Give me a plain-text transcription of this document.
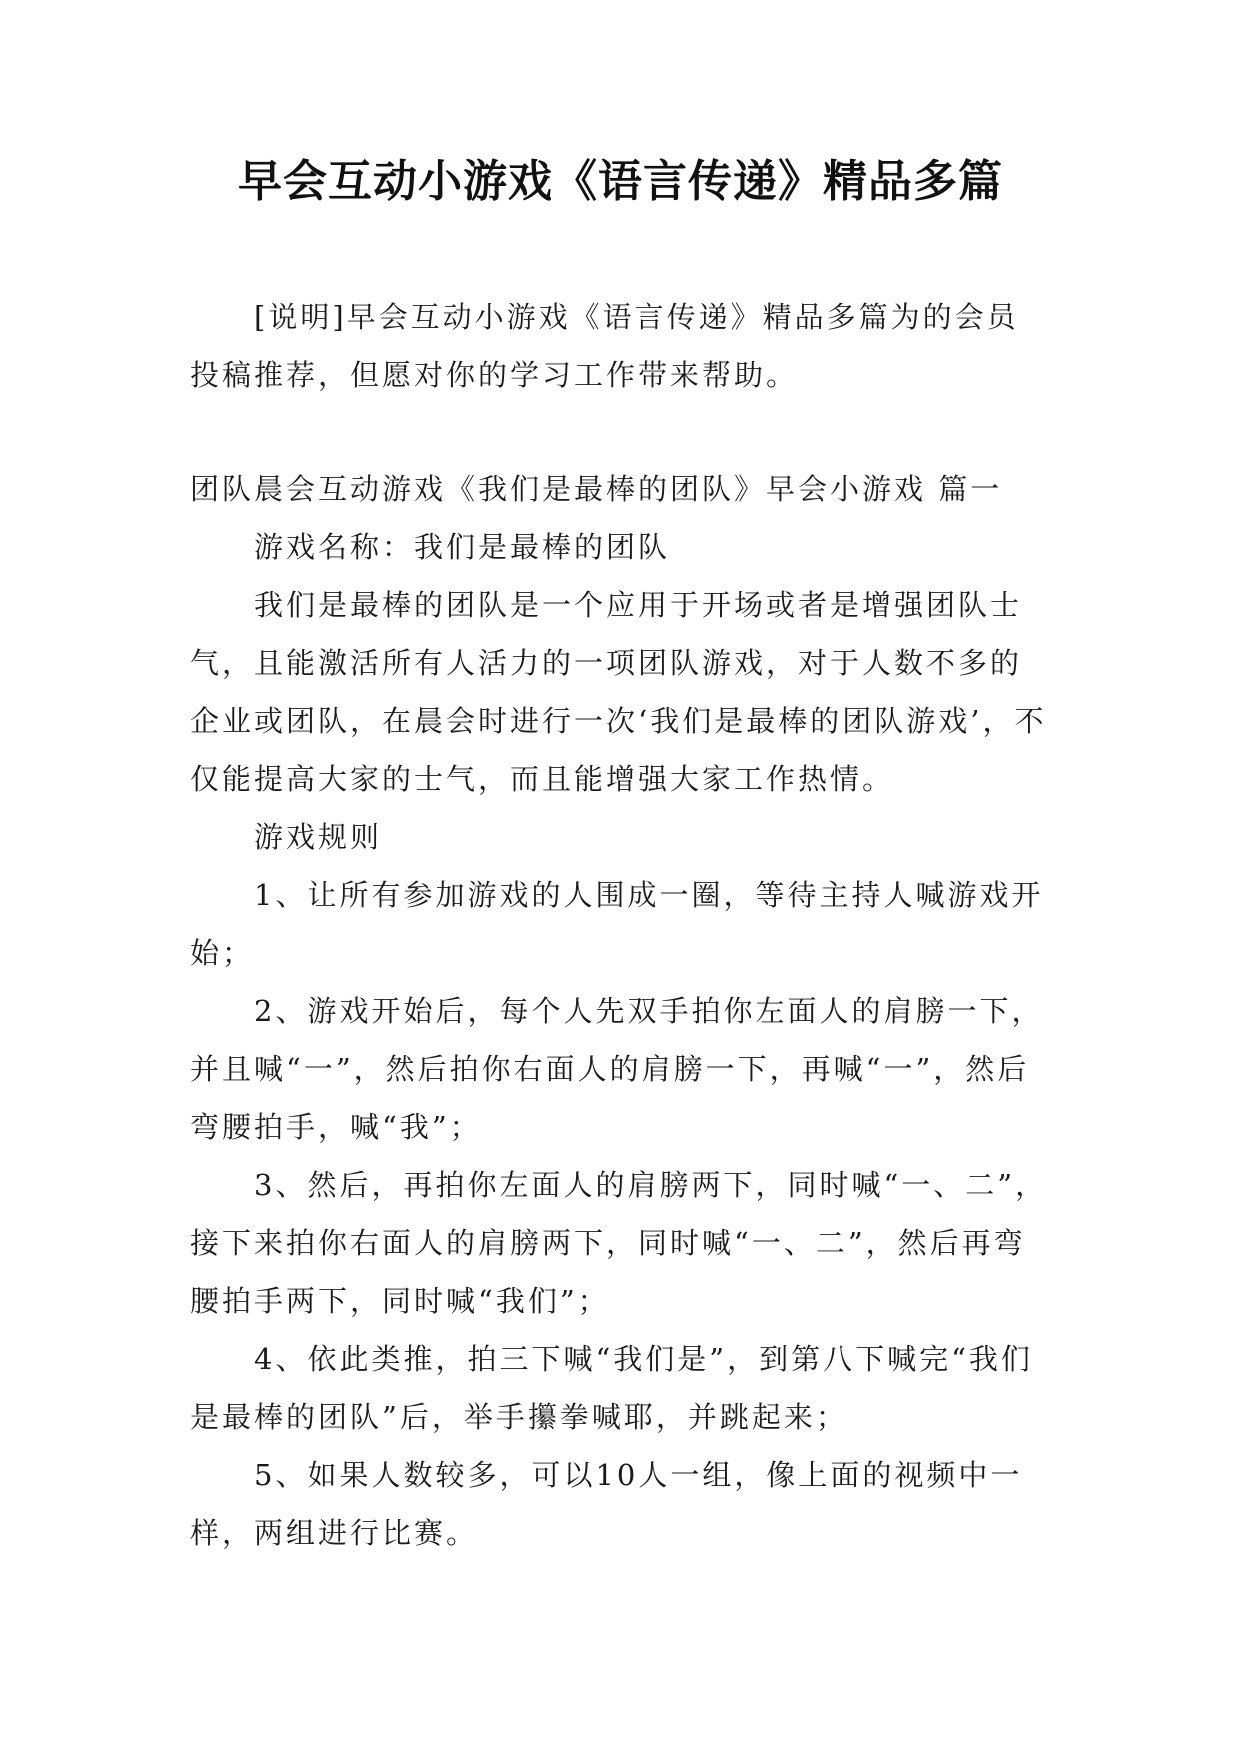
早会互动小游戏《语言传递》精品多篇

[说明]早会互动小游戏《语言传递》精品多篇为的会员投稿推荐，但愿对你的学习工作带来帮助。

团队晨会互动游戏《我们是最棒的团队》早会小游戏 篇一

游戏名称：我们是最棒的团队

我们是最棒的团队是一个应用于开场或者是增强团队士气，且能激活所有人活力的一项团队游戏，对于人数不多的企业或团队，在晨会时进行一次‘我们是最棒的团队游戏’，不仅能提高大家的士气，而且能增强大家工作热情。

游戏规则

1、让所有参加游戏的人围成一圈，等待主持人喊游戏开始；

2、游戏开始后，每个人先双手拍你左面人的肩膀一下，并且喊“一”，然后拍你右面人的肩膀一下，再喊“一”，然后弯腰拍手，喊“我”；

3、然后，再拍你左面人的肩膀两下，同时喊“一、二”，接下来拍你右面人的肩膀两下，同时喊“一、二”，然后再弯腰拍手两下，同时喊“我们”；

4、依此类推，拍三下喊“我们是”，到第八下喊完“我们是最棒的团队”后，举手攥拳喊耶，并跳起来；

5、如果人数较多，可以10人一组，像上面的视频中一样，两组进行比赛。
